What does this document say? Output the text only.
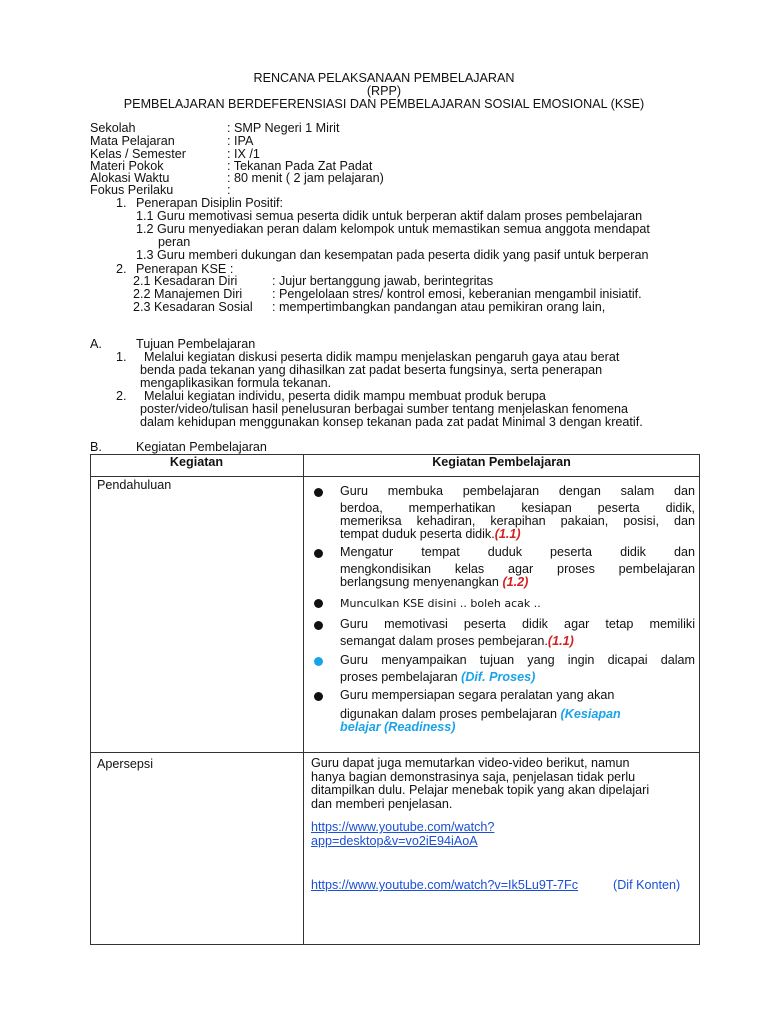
RENCANA PELAKSANAAN PEMBELAJARAN
(RPP)
PEMBELAJARAN BERDEFERENSIASI DAN PEMBELAJARAN SOSIAL EMOSIONAL (KSE)
Sekolah	: SMP Negeri 1 Mirit
Mata Pelajaran	: IPA
Kelas / Semester	: IX /1
Materi Pokok	: Tekanan Pada Zat Padat
Alokasi Waktu	: 80 menit ( 2 jam pelajaran)
Fokus Perilaku	:
1. Penerapan Disiplin Positif:
1.1 Guru memotivasi semua peserta didik untuk berperan aktif dalam proses pembelajaran
1.2 Guru menyediakan peran dalam kelompok untuk memastikan semua anggota mendapat
peran
1.3 Guru memberi dukungan dan kesempatan pada peserta didik yang pasif untuk berperan
2. Penerapan KSE :
2.1 Kesadaran Diri	: Jujur bertanggung jawab, berintegritas
2.2 Manajemen Diri : Pengelolaan stres/ kontrol emosi, keberanian mengambil inisiatif.
2.3 Kesadaran Sosial : mempertimbangkan pandangan atau pemikiran orang lain,
A.	Tujuan Pembelajaran
1. Melalui kegiatan diskusi peserta didik mampu menjelaskan pengaruh gaya atau berat
benda pada tekanan yang dihasilkan zat padat beserta fungsinya, serta penerapan
mengaplikasikan formula tekanan.
2. Melalui kegiatan individu, peserta didik mampu membuat produk berupa
poster/video/tulisan hasil penelusuran berbagai sumber tentang menjelaskan fenomena
dalam kehidupan menggunakan konsep tekanan pada zat padat Minimal 3 dengan kreatif.
B.	Kegiatan Pembelajaran
Kegiatan	Kegiatan Pembelajaran
Pendahuluan	Guru membuka pembelajaran dengan salam dan
berdoa, memperhatikan kesiapan peserta didik,
memeriksa kehadiran, kerapihan pakaian, posisi, dan
tempat duduk peserta didik.(1.1)
Mengatur tempat duduk peserta didik dan
mengkondisikan kelas agar proses pembelajaran
berlangsung menyenangkan (1.2)
Munculkan KSE disini .. boleh acak ..
Guru memotivasi peserta didik agar tetap memiliki
semangat dalam proses pembejaran.(1.1)
Guru menyampaikan tujuan yang ingin dicapai dalam
proses pembelajaran (Dif. Proses)
Guru mempersiapan segara peralatan yang akan
digunakan dalam proses pembelajaran (Kesiapan
belajar (Readiness)
Apersepsi	Guru dapat juga memutarkan video-video berikut, namun
hanya bagian demonstrasinya saja, penjelasan tidak perlu
ditampilkan dulu. Pelajar menebak topik yang akan dipelajari
dan memberi penjelasan.
https://www.youtube.com/watch?
app=desktop&v=vo2iE94iAoA
https://www.youtube.com/watch?v=Ik5Lu9T-7Fc	(Dif Konten)
